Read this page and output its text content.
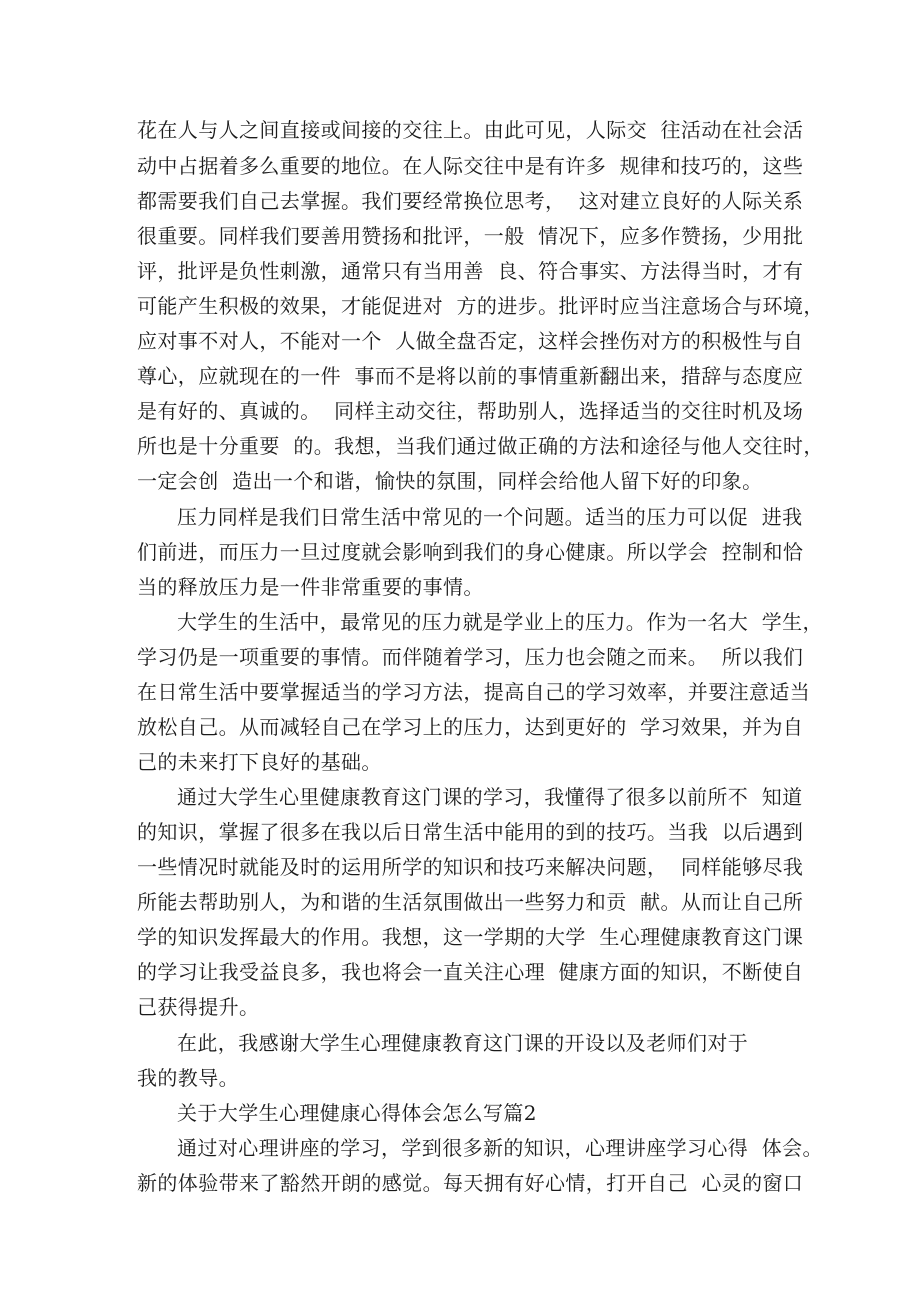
花在人与人之间直接或间接的交往上。由此可见，人际交  往活动在社会活
动中占据着多么重要的地位。在人际交往中是有许多  规律和技巧的，这些
都需要我们自己去掌握。我们要经常换位思考，  这对建立良好的人际关系
很重要。同样我们要善用赞扬和批评，一般  情况下，应多作赞扬，少用批
评，批评是负性刺激，通常只有当用善  良、符合事实、方法得当时，才有
可能产生积极的效果，才能促进对  方的进步。批评时应当注意场合与环境，
应对事不对人，不能对一个  人做全盘否定，这样会挫伤对方的积极性与自
尊心，应就现在的一件  事而不是将以前的事情重新翻出来，措辞与态度应
是有好的、真诚的。  同样主动交往，帮助别人，选择适当的交往时机及场
所也是十分重要  的。我想，当我们通过做正确的方法和途径与他人交往时，
一定会创  造出一个和谐，愉快的氛围，同样会给他人留下好的印象。
压力同样是我们日常生活中常见的一个问题。适当的压力可以促  进我
们前进，而压力一旦过度就会影响到我们的身心健康。所以学会  控制和恰
当的释放压力是一件非常重要的事情。
大学生的生活中，最常见的压力就是学业上的压力。作为一名大  学生，
学习仍是一项重要的事情。而伴随着学习，压力也会随之而来。  所以我们
在日常生活中要掌握适当的学习方法，提高自己的学习效率，并要注意适当
放松自己。从而减轻自己在学习上的压力，达到更好的  学习效果，并为自
己的未来打下良好的基础。
通过大学生心里健康教育这门课的学习，我懂得了很多以前所不  知道
的知识，掌握了很多在我以后日常生活中能用的到的技巧。当我  以后遇到
一些情况时就能及时的运用所学的知识和技巧来解决问题，  同样能够尽我
所能去帮助别人，为和谐的生活氛围做出一些努力和贡  献。从而让自己所
学的知识发挥最大的作用。我想，这一学期的大学  生心理健康教育这门课
的学习让我受益良多，我也将会一直关注心理  健康方面的知识，不断使自
己获得提升。
在此，我感谢大学生心理健康教育这门课的开设以及老师们对于
我的教导。
关于大学生心理健康心得体会怎么写篇2
通过对心理讲座的学习，学到很多新的知识，心理讲座学习心得  体会。
新的体验带来了豁然开朗的感觉。每天拥有好心情，打开自己  心灵的窗口
